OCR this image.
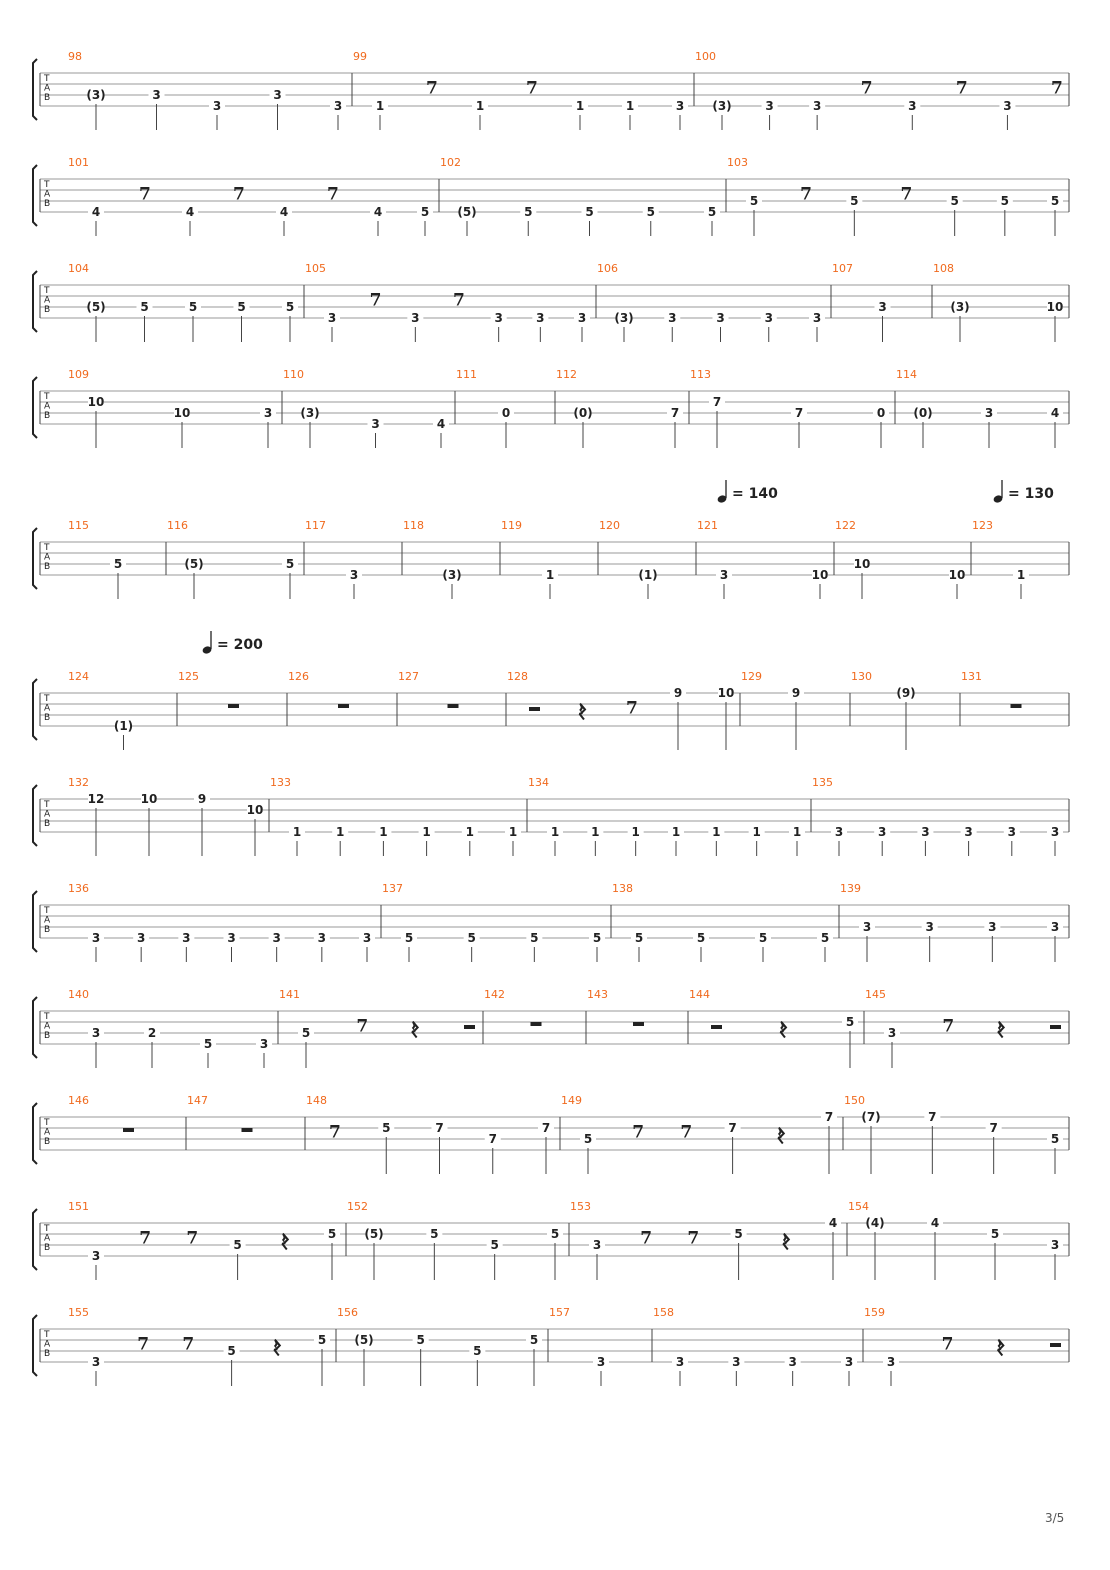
= 140	= 130
= 200
T
A
B
98
(3)	3
3
3
3
99
1
7
1
7
1	1	3
100
(3)	3	3
7
3
7
3
7
T
A
B
101
4
7
4
7
4
7
4	5
102
(5)	5	5	5	5
103
5 7	5 7	5	5	5
T
A
B
104
(5)	5	5	5	5
105
3
7
3
7
3	3	3
106
(3)	3	3	3	3
107
3
108
(3)	10
T
A
B
109
10
10	3
110
(3)
3	4
111
0
112
(0)	7
113
7
7	0
114
(0)	3	4
T
A
B
115
5
116
(5)	5
117
3
118
(3)
119
1
120
(1)
121
3	10
122
10
10
123
1
T
A
B
124
(1)
125	126	127	128
𝄽 7
9	10
129
9
130
(9)
131
T
A
B
132
12	10	9
10
133
1	1	1	1	1	1
134
1	1	1	1	1	1	1
135
3	3	3	3	3	3
T
A
B
136
3	3	3	3	3	3	3
137
5	5	5	5
138
5	5	5	5
139
3	3	3	3
T
A
B
140
3	2
5	3
141
5	7 𝄽
142	143	144
𝄽	5
145
3	7 𝄽
T
A
B
146	147	148
7	5	7
7
7
149
5 7 7	7 𝄽
7
150
(7)	7
7
5
T
A
B
151
3
7 7	5 𝄽	5
152
(5)	5
5
5
153
3 7 7	5 𝄽
4
154
(4)	4
5
3
T
A
B
155
3
7 7	5 𝄽	5
156
(5)	5
5
5
157
3
158
3	3	3	3
159
3
7 𝄽
3/5
